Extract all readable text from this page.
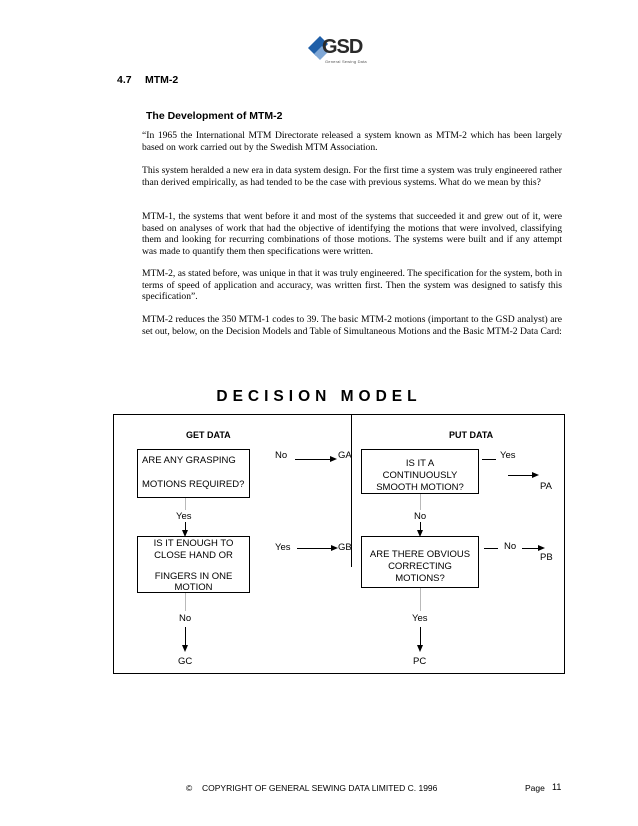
GSD
General Sewing Data
4.7 MTM-2
The Development of MTM-2
“In 1965 the International MTM Directorate released a system known as MTM-2 which has been largely based on work carried out by the Swedish MTM Association.
This system heralded a new era in data system design. For the first time a system was truly engineered rather than derived empirically, as had tended to be the case with previous systems. What do we mean by this?
MTM-1, the systems that went before it and most of the systems that succeeded it and grew out of it, were based on analyses of work that had the objective of identifying the motions that were involved, classifying them and looking for recurring combinations of those motions. The systems were built and if any attempt was made to quantify them then specifications were written.
MTM-2, as stated before, was unique in that it was truly engineered. The specification for the system, both in terms of speed of application and accuracy, was written first. Then the system was designed to satisfy this specification”.
MTM-2 reduces the 350 MTM-1 codes to 39. The basic MTM-2 motions (important to the GSD analyst) are set out, below, on the Decision Models and Table of Simultaneous Motions and the Basic MTM-2 Data Card:
DECISION MODEL
GET DATA
ARE ANY GRASPING
MOTIONS REQUIRED?
No	GA
Yes
IS IT ENOUGH TO
CLOSE HAND OR
FINGERS IN ONE
MOTION
Yes	GB
No
GC
PUT DATA
IS IT A
CONTINUOUSLY
SMOOTH MOTION?
Yes
PA
No
ARE THERE OBVIOUS
CORRECTING
MOTIONS?
No
PB
Yes
PC
© COPYRIGHT OF GENERAL SEWING DATA LIMITED C. 1996	Page 11
